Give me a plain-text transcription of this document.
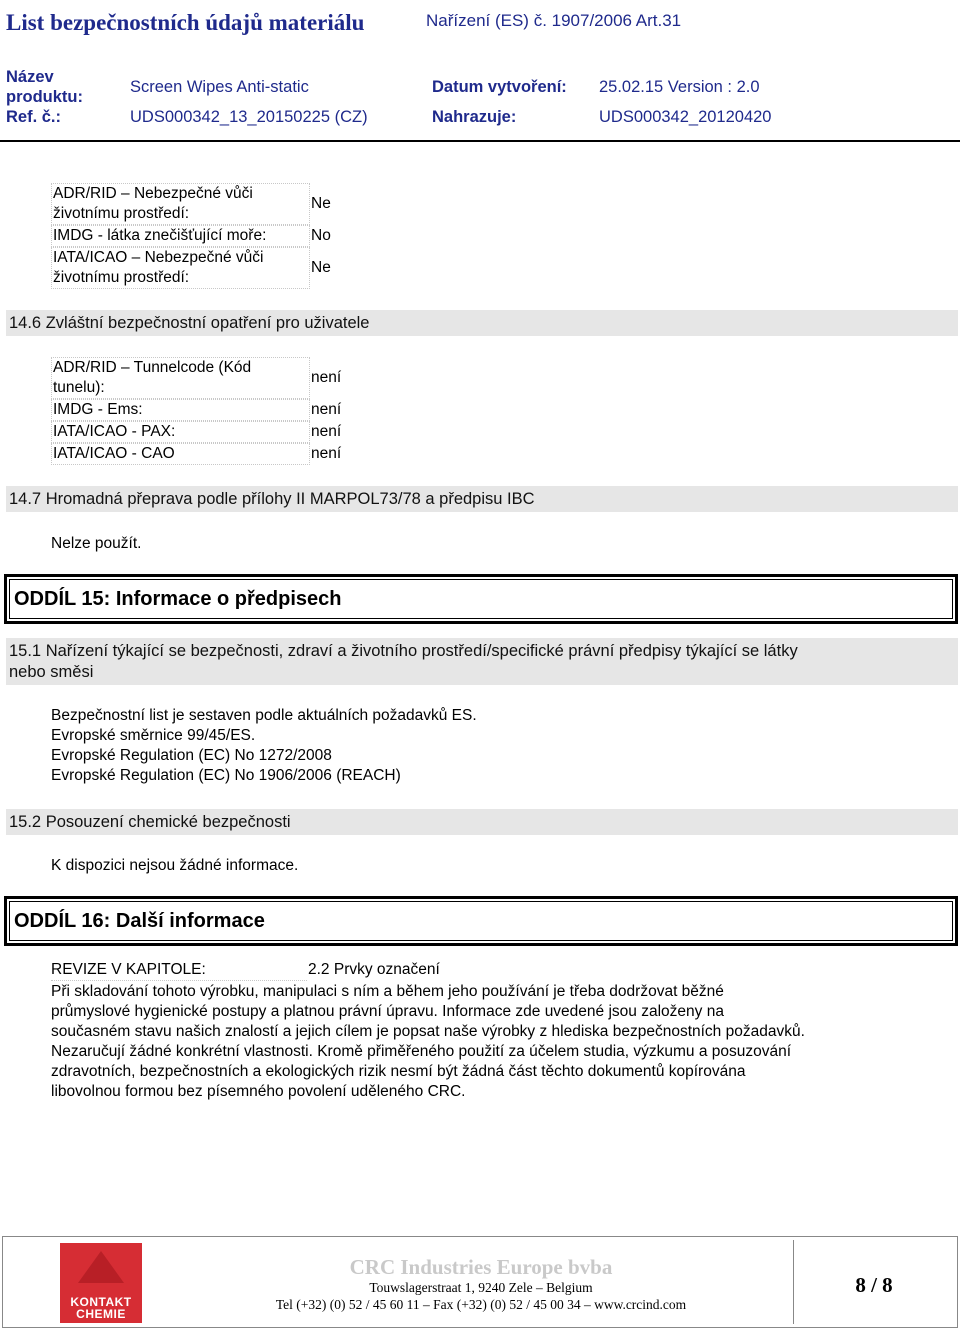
List bezpečnostních údajů materiálu	Nařízení (ES) č. 1907/2006 Art.31
Název
produktu:
Screen Wipes Anti-static	Datum vytvoření: 25.02.15 Version : 2.0
Ref. č.:	UDS000342_13_20150225 (CZ)	Nahrazuje:	UDS000342_20120420
ADR/RID – Nebezpečné vůči
životnímu prostředí:	Ne
IMDG - látka znečišťující moře:	No
IATA/ICAO – Nebezpečné vůči
životnímu prostředí:	Ne
14.6 Zvláštní bezpečnostní opatření pro uživatele
ADR/RID – Tunnelcode (Kód
tunelu):	není
IMDG - Ems:	není
IATA/ICAO - PAX:	není
IATA/ICAO - CAO	není
14.7 Hromadná přeprava podle přílohy II MARPOL73/78 a předpisu IBC
Nelze použít.
ODDÍL 15: Informace o předpisech
15.1 Nařízení týkající se bezpečnosti, zdraví a životního prostředí/specifické právní předpisy týkající se látky
nebo směsi
Bezpečnostní list je sestaven podle aktuálních požadavků ES.
Evropské směrnice 99/45/ES.
Evropské Regulation (EC) No 1272/2008
Evropské Regulation (EC) No 1906/2006 (REACH)
15.2 Posouzení chemické bezpečnosti
K dispozici nejsou žádné informace.
ODDÍL 16: Další informace
REVIZE V KAPITOLE:	2.2 Prvky označení
Při skladování tohoto výrobku, manipulaci s ním a během jeho používání je třeba dodržovat běžné
průmyslové hygienické postupy a platnou právní úpravu. Informace zde uvedené jsou založeny na
současném stavu našich znalostí a jejich cílem je popsat naše výrobky z hlediska bezpečnostních požadavků.
Nezaručují žádné konkrétní vlastnosti. Kromě přiměřeného použití za účelem studia, výzkumu a posuzování
zdravotních, bezpečnostních a ekologických rizik nesmí být žádná část těchto dokumentů kopírována
libovolnou formou bez písemného povolení uděleného CRC.
KONTAKT
CHEMIE
CRC Industries Europe bvba
Touwslagerstraat 1, 9240 Zele – Belgium
Tel (+32) (0) 52 / 45 60 11 – Fax (+32) (0) 52 / 45 00 34 – www.crcind.com
8 / 8
